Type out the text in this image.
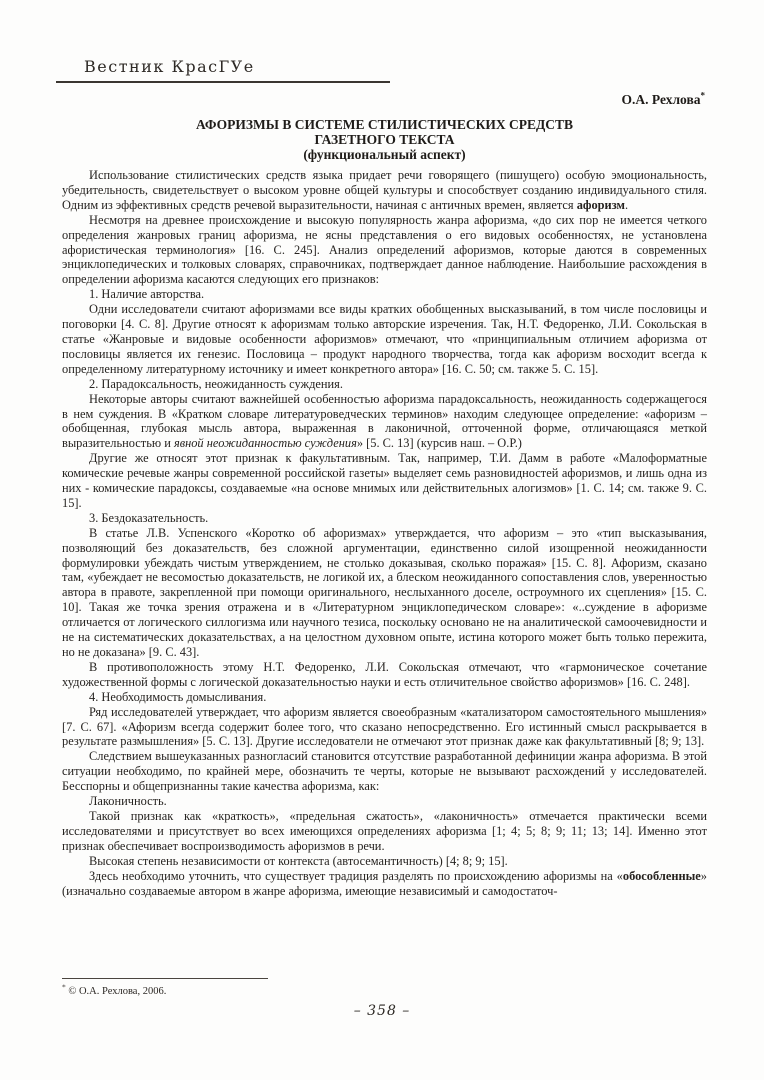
Вестник КрасГУе
О.А. Рехлова*
АФОРИЗМЫ В СИСТЕМЕ СТИЛИСТИЧЕСКИХ СРЕДСТВ
ГАЗЕТНОГО ТЕКСТА
(функциональный аспект)

Использование стилистических средств языка придает речи говорящего (пишущего) особую эмоциональность, убедительность, свидетельствует о высоком уровне общей культуры и способствует созданию индивидуального стиля. Одним из эффективных средств речевой выразительности, начиная с античных времен, является афоризм.

Несмотря на древнее происхождение и высокую популярность жанра афоризма, «до сих пор не имеется четкого определения жанровых границ афоризма, не ясны представления о его видовых особенностях, не установлена афористическая терминология» [16. С. 245]. Анализ определений афоризмов, которые даются в современных энциклопедических и толковых словарях, справочниках, подтверждает данное наблюдение. Наибольшие расхождения в определении афоризма касаются следующих его признаков:

1. Наличие авторства.

Одни исследователи считают афоризмами все виды кратких обобщенных высказываний, в том числе пословицы и поговорки [4. С. 8]. Другие относят к афоризмам только авторские изречения. Так, Н.Т. Федоренко, Л.И. Сокольская в статье «Жанровые и видовые особенности афоризмов» отмечают, что «принципиальным отличием афоризма от пословицы является их генезис. Пословица – продукт народного творчества, тогда как афоризм восходит всегда к определенному литературному источнику и имеет конкретного автора» [16. С. 50; см. также 5. С. 15].

2. Парадоксальность, неожиданность суждения.

Некоторые авторы считают важнейшей особенностью афоризма парадоксальность, неожиданность содержащегося в нем суждения. В «Кратком словаре литературоведческих терминов» находим следующее определение: «афоризм – обобщенная, глубокая мысль автора, выраженная в лаконичной, отточенной форме, отличающаяся меткой выразительностью и явной неожиданностью суждения» [5. С. 13] (курсив наш. – О.Р.)

Другие же относят этот признак к факультативным. Так, например, Т.И. Дамм в работе «Малоформатные комические речевые жанры современной российской газеты» выделяет семь разновидностей афоризмов, и лишь одна из них - комические парадоксы, создаваемые «на основе мнимых или действительных алогизмов» [1. С. 14; см. также 9. С. 15].

3. Бездоказательность.

В статье Л.В. Успенского «Коротко об афоризмах» утверждается, что афоризм – это «тип высказывания, позволяющий без доказательств, без сложной аргументации, единственно силой изощренной неожиданности формулировки убеждать чистым утверждением, не столько доказывая, сколько поражая» [15. С. 8]. Афоризм, сказано там, «убеждает не весомостью доказательств, не логикой их, а блеском неожиданного сопоставления слов, уверенностью автора в правоте, закрепленной при помощи оригинального, неслыханного доселе, остроумного их сцепления» [15. С. 10]. Такая же точка зрения отражена и в «Литературном энциклопедическом словаре»: «..суждение в афоризме отличается от логического силлогизма или научного тезиса, поскольку основано не на аналитической самоочевидности и не на систематических доказательствах, а на целостном духовном опыте, истина которого может быть только пережита, но не доказана» [9. С. 43].

В противоположность этому Н.Т. Федоренко, Л.И. Сокольская отмечают, что «гармоническое сочетание художественной формы с логической доказательностью науки и есть отличительное свойство афоризмов» [16. С. 248].

4. Необходимость домысливания.

Ряд исследователей утверждает, что афоризм является своеобразным «катализатором самостоятельного мышления» [7. С. 67]. «Афоризм всегда содержит более того, что сказано непосредственно. Его истинный смысл раскрывается в результате размышления» [5. С. 13]. Другие исследователи не отмечают этот признак даже как факультативный [8; 9; 13].

Следствием вышеуказанных разногласий становится отсутствие разработанной дефиниции жанра афоризма. В этой ситуации необходимо, по крайней мере, обозначить те черты, которые не вызывают расхождений у исследователей. Бесспорны и общепризнанны такие качества афоризма, как:

Лаконичность.

Такой признак как «краткость», «предельная сжатость», «лаконичность» отмечается практически всеми исследователями и присутствует во всех имеющихся определениях афоризма [1; 4; 5; 8; 9; 11; 13; 14]. Именно этот признак обеспечивает воспроизводимость афоризмов в речи.

Высокая степень независимости от контекста (автосемантичность) [4; 8; 9; 15].

Здесь необходимо уточнить, что существует традиция разделять по происхождению афоризмы на «обособленные» (изначально создаваемые автором в жанре афоризма, имеющие независимый и самодостаточ-

* © О.А. Рехлова, 2006.
– 358 –
